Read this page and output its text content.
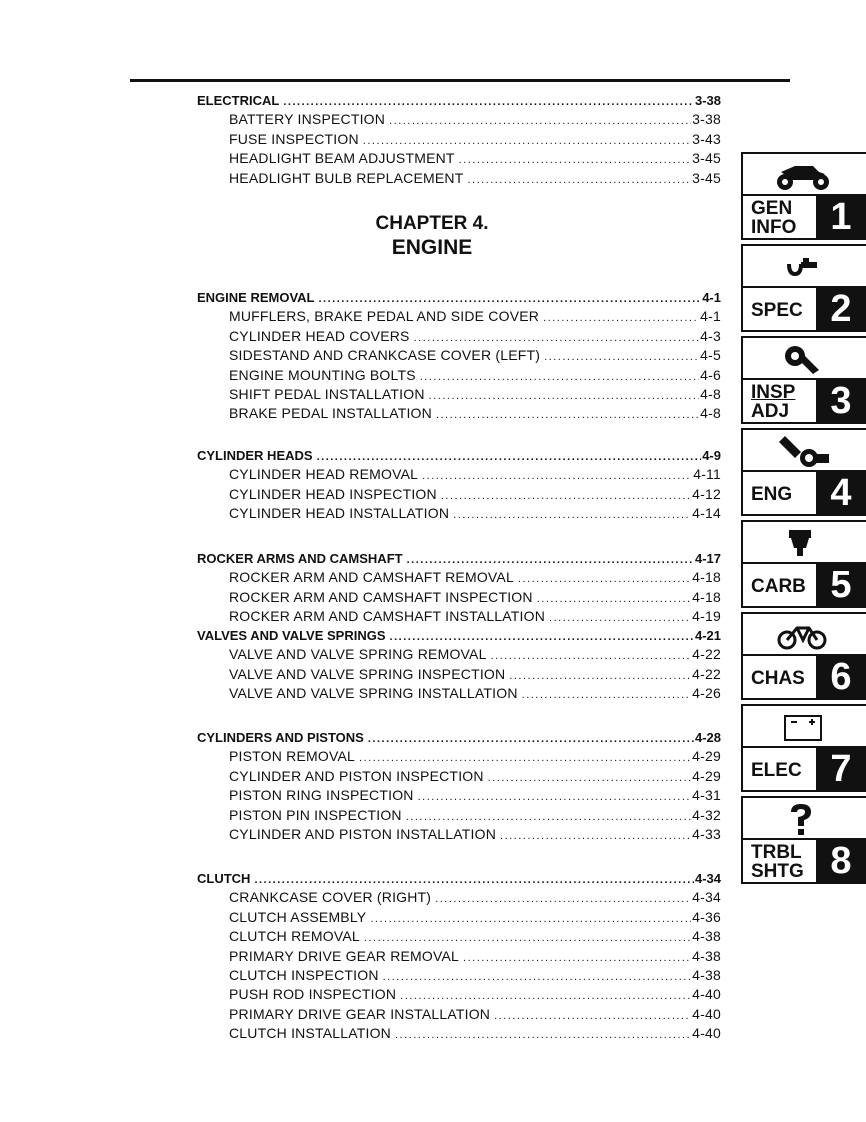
ELECTRICAL .....	3-38
BATTERY INSPECTION .....	3-38
FUSE INSPECTION .....	3-43
HEADLIGHT BEAM ADJUSTMENT .....	3-45
HEADLIGHT BULB REPLACEMENT .....	3-45
CHAPTER 4.
ENGINE
ENGINE REMOVAL .....	4-1
MUFFLERS, BRAKE PEDAL AND SIDE COVER .....	4-1
CYLINDER HEAD COVERS .....	4-3
SIDESTAND AND CRANKCASE COVER (LEFT) .....	4-5
ENGINE MOUNTING BOLTS .....	4-6
SHIFT PEDAL INSTALLATION .....	4-8
BRAKE PEDAL INSTALLATION .....	4-8
CYLINDER HEADS .....	4-9
CYLINDER HEAD REMOVAL .....	4-11
CYLINDER HEAD INSPECTION .....	4-12
CYLINDER HEAD INSTALLATION .....	4-14
ROCKER ARMS AND CAMSHAFT .....	4-17
ROCKER ARM AND CAMSHAFT REMOVAL .....	4-18
ROCKER ARM AND CAMSHAFT INSPECTION .....	4-18
ROCKER ARM AND CAMSHAFT INSTALLATION .....	4-19
VALVES AND VALVE SPRINGS .....	4-21
VALVE AND VALVE SPRING REMOVAL .....	4-22
VALVE AND VALVE SPRING INSPECTION .....	4-22
VALVE AND VALVE SPRING INSTALLATION .....	4-26
CYLINDERS AND PISTONS .....	4-28
PISTON REMOVAL .....	4-29
CYLINDER AND PISTON INSPECTION .....	4-29
PISTON RING INSPECTION .....	4-31
PISTON PIN INSPECTION .....	4-32
CYLINDER AND PISTON INSTALLATION .....	4-33
CLUTCH .....	4-34
CRANKCASE COVER (RIGHT) .....	4-34
CLUTCH ASSEMBLY .....	4-36
CLUTCH REMOVAL .....	4-38
PRIMARY DRIVE GEAR REMOVAL .....	4-38
CLUTCH INSPECTION .....	4-38
PUSH ROD INSPECTION .....	4-40
PRIMARY DRIVE GEAR INSTALLATION .....	4-40
CLUTCH INSTALLATION .....	4-40
GEN
INFO 1
SPEC 2
INSP
ADJ	3
ENG	4
CARB 5
CHAS 6
ELEC 7
TRBL
SHTG 8
